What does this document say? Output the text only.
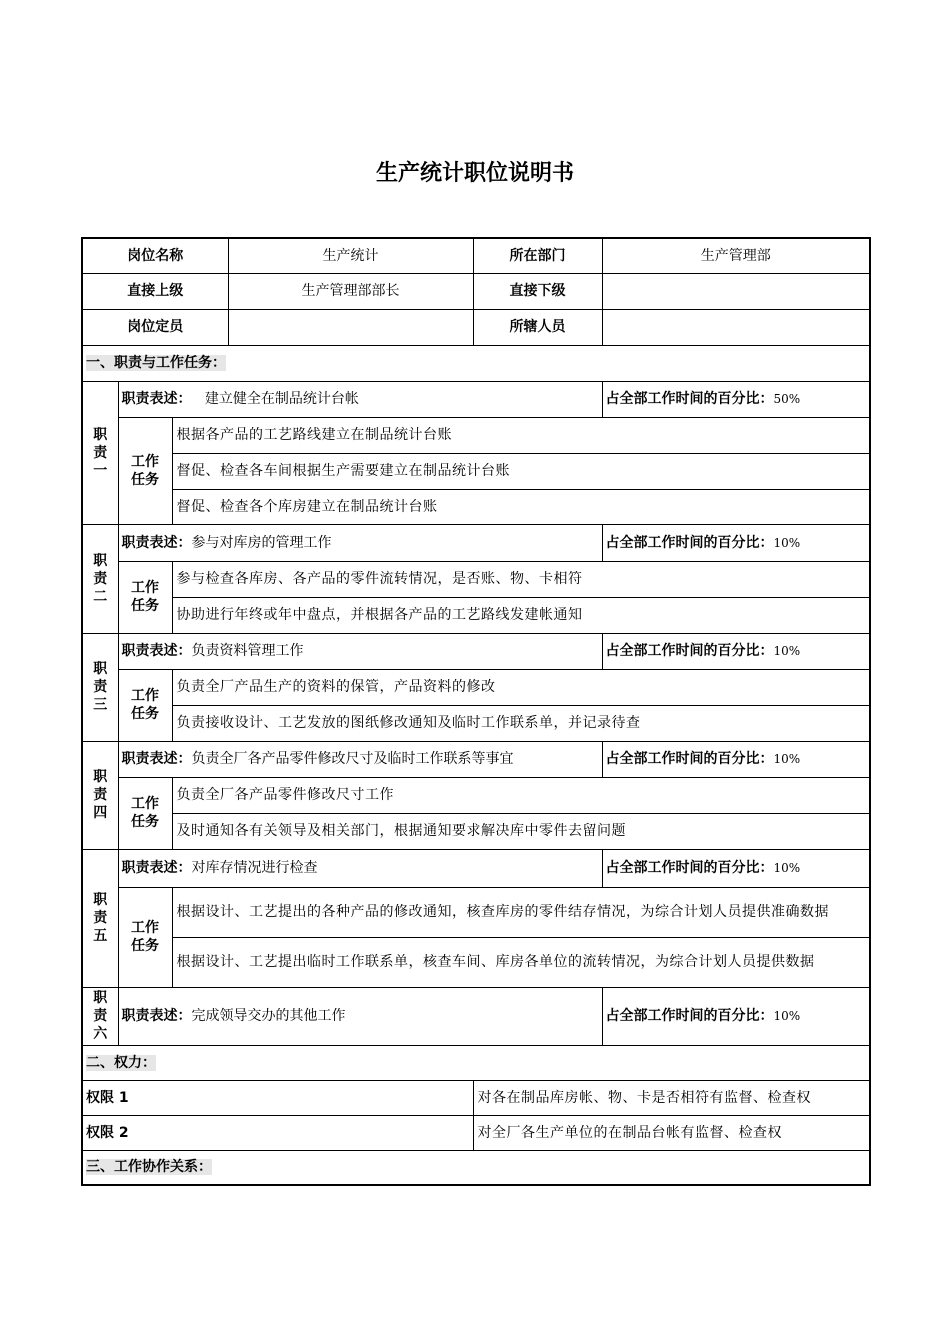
生产统计职位说明书
岗位名称			生产统计	所在部门	生产管理部
直接上级			生产管理部部长	直接下级	
岗位定员				所辖人员	
一、职责与工作任务：					

职
责
一	职责表述： 建立健全在制品统计台帐				占全部工作时间的百分比：50%
	工作
任务	根据各产品的工艺路线建立在制品统计台账			
		督促、检查各车间根据生产需要建立在制品统计台账			
		督促、检查各个库房建立在制品统计台账			

职
责
二	职责表述：参与对库房的管理工作				占全部工作时间的百分比：10%
	工作
任务	参与检查各库房、各产品的零件流转情况，是否账、物、卡相符			
		协助进行年终或年中盘点，并根据各产品的工艺路线发建帐通知			

职
责
三	职责表述：负责资料管理工作				占全部工作时间的百分比：10%
	工作
任务	负责全厂产品生产的资料的保管，产品资料的修改			
		负责接收设计、工艺发放的图纸修改通知及临时工作联系单，并记录待查			

职
责
四	职责表述：负责全厂各产品零件修改尺寸及临时工作联系等事宜				占全部工作时间的百分比：10%
	工作
任务	负责全厂各产品零件修改尺寸工作			
		及时通知各有关领导及相关部门，根据通知要求解决库中零件去留问题			

职
责
五	职责表述：对库存情况进行检查				占全部工作时间的百分比：10%
	工作
任务	根据设计、工艺提出的各种产品的修改通知，核查库房的零件结存情况，为综合计划人员提供准确数据			
		根据设计、工艺提出临时工作联系单，核查车间、库房各单位的流转情况，为综合计划人员提供数据			

职
责
六	职责表述：完成领导交办的其他工作				占全部工作时间的百分比：10%
二、权力：					
权限 1				对各在制品库房帐、物、卡是否相符有监督、检查权	
权限 2				对全厂各生产单位的在制品台帐有监督、检查权	
三、工作协作关系：					
